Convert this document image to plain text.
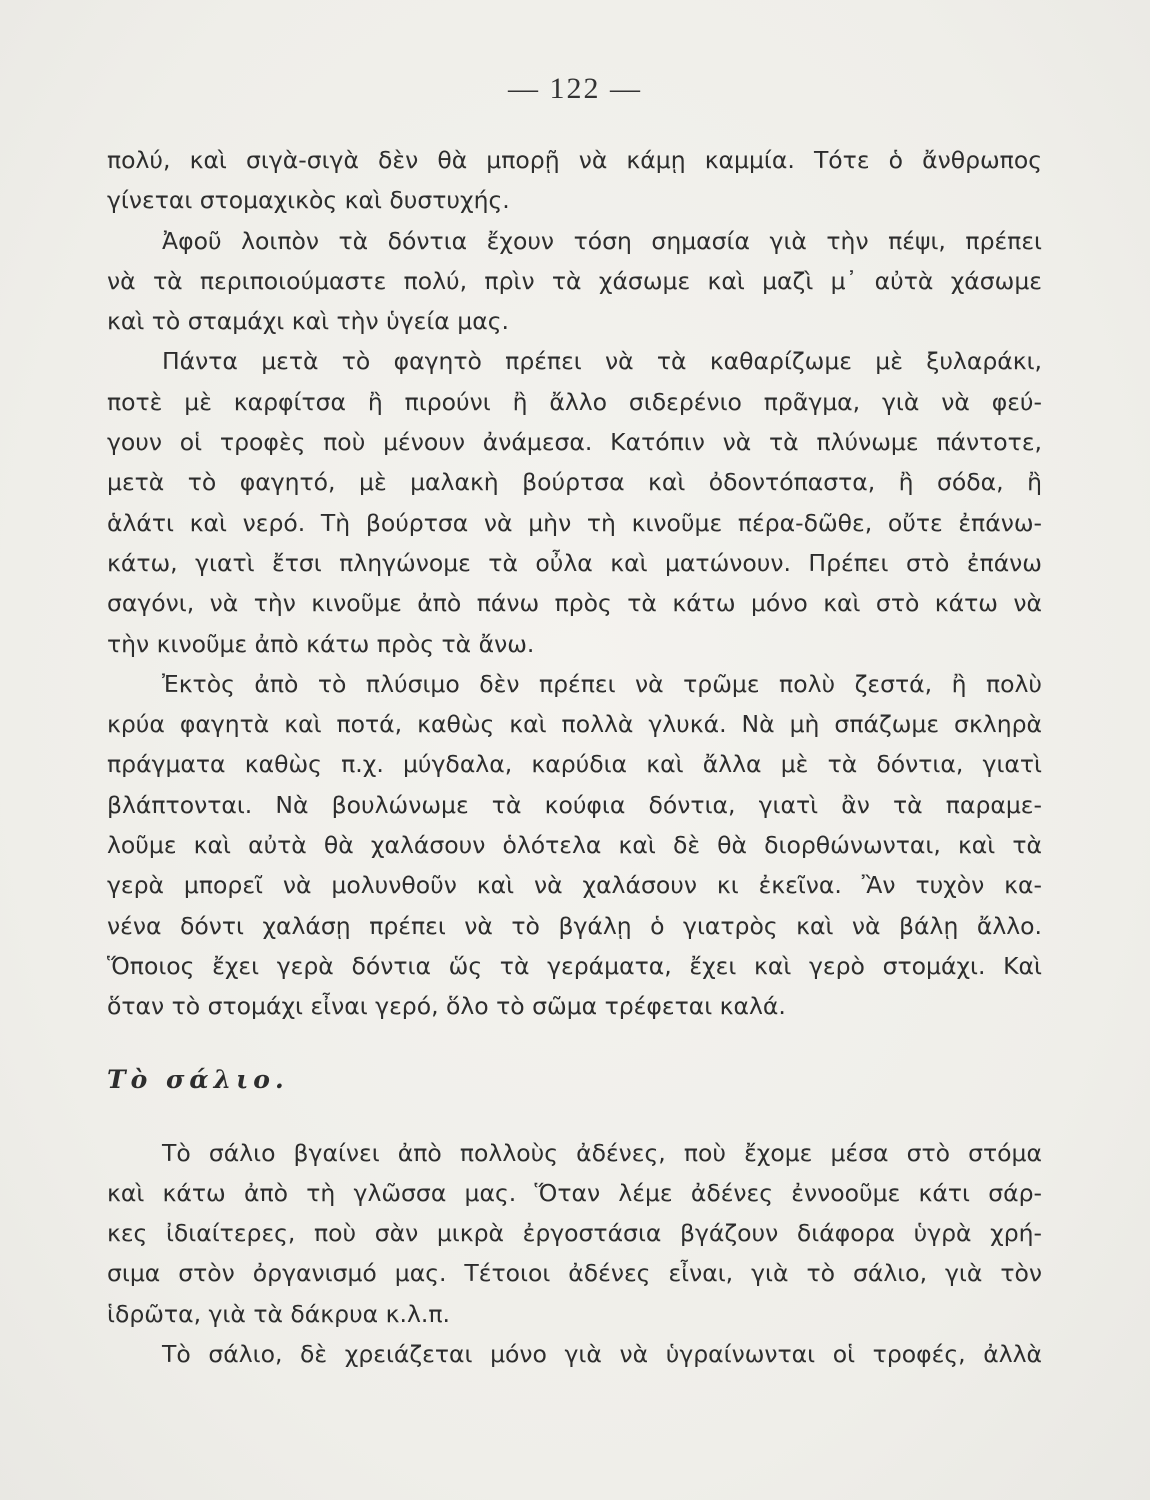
— 122 —
πολύ, καὶ σιγὰ-σιγὰ δὲν θὰ μπορῇ νὰ κάμῃ καμμία. Τότε ὁ ἄνθρωπος
γίνεται στομαχικὸς καὶ δυστυχής.
Ἀφοῦ λοιπὸν τὰ δόντια ἔχουν τόση σημασία γιὰ τὴν πέψι, πρέπει
νὰ τὰ περιποιούμαστε πολύ, πρὶν τὰ χάσωμε καὶ μαζὶ μ᾿ αὐτὰ χάσωμε
καὶ τὸ σταμάχι καὶ τὴν ὑγεία μας.
Πάντα μετὰ τὸ φαγητὸ πρέπει νὰ τὰ καθαρίζωμε μὲ ξυλαράκι,
ποτὲ μὲ καρφίτσα ἢ πιρούνι ἢ ἄλλο σιδερένιο πρᾶγμα, γιὰ νὰ φεύ-
γουν οἱ τροφὲς ποὺ μένουν ἀνάμεσα. Κατόπιν νὰ τὰ πλύνωμε πάντοτε,
μετὰ τὸ φαγητό, μὲ μαλακὴ βούρτσα καὶ ὀδοντόπαστα, ἢ σόδα, ἢ
ἁλάτι καὶ νερό. Τὴ βούρτσα νὰ μὴν τὴ κινοῦμε πέρα-δῶθε, οὔτε ἐπάνω-
κάτω, γιατὶ ἔτσι πληγώνομε τὰ οὖλα καὶ ματώνουν. Πρέπει στὸ ἐπάνω
σαγόνι, νὰ τὴν κινοῦμε ἀπὸ πάνω πρὸς τὰ κάτω μόνο καὶ στὸ κάτω νὰ
τὴν κινοῦμε ἀπὸ κάτω πρὸς τὰ ἄνω.
Ἐκτὸς ἀπὸ τὸ πλύσιμο δὲν πρέπει νὰ τρῶμε πολὺ ζεστά, ἢ πολὺ
κρύα φαγητὰ καὶ ποτά, καθὼς καὶ πολλὰ γλυκά. Νὰ μὴ σπάζωμε σκληρὰ
πράγματα καθὼς π.χ. μύγδαλα, καρύδια καὶ ἄλλα μὲ τὰ δόντια, γιατὶ
βλάπτονται. Νὰ βουλώνωμε τὰ κούφια δόντια, γιατὶ ἂν τὰ παραμε-
λοῦμε καὶ αὐτὰ θὰ χαλάσουν ὁλότελα καὶ δὲ θὰ διορθώνωνται, καὶ τὰ
γερὰ μπορεῖ νὰ μολυνθοῦν καὶ νὰ χαλάσουν κι ἐκεῖνα. Ἂν τυχὸν κα-
νένα δόντι χαλάσῃ πρέπει νὰ τὸ βγάλῃ ὁ γιατρὸς καὶ νὰ βάλῃ ἄλλο.
Ὅποιος ἔχει γερὰ δόντια ὥς τὰ γεράματα, ἔχει καὶ γερὸ στομάχι. Καὶ
ὅταν τὸ στομάχι εἶναι γερό, ὅλο τὸ σῶμα τρέφεται καλά.
Τὸ σάλιο.
Τὸ σάλιο βγαίνει ἀπὸ πολλοὺς ἀδένες, ποὺ ἔχομε μέσα στὸ στόμα
καὶ κάτω ἀπὸ τὴ γλῶσσα μας. Ὅταν λέμε ἀδένες ἐννοοῦμε κάτι σάρ-
κες ἰδιαίτερες, ποὺ σὰν μικρὰ ἐργοστάσια βγάζουν διάφορα ὑγρὰ χρή-
σιμα στὸν ὀργανισμό μας. Τέτοιοι ἀδένες εἶναι, γιὰ τὸ σάλιο, γιὰ τὸν
ἱδρῶτα, γιὰ τὰ δάκρυα κ.λ.π.
Τὸ σάλιο, δὲ χρειάζεται μόνο γιὰ νὰ ὑγραίνωνται οἱ τροφές, ἀλλὰ
